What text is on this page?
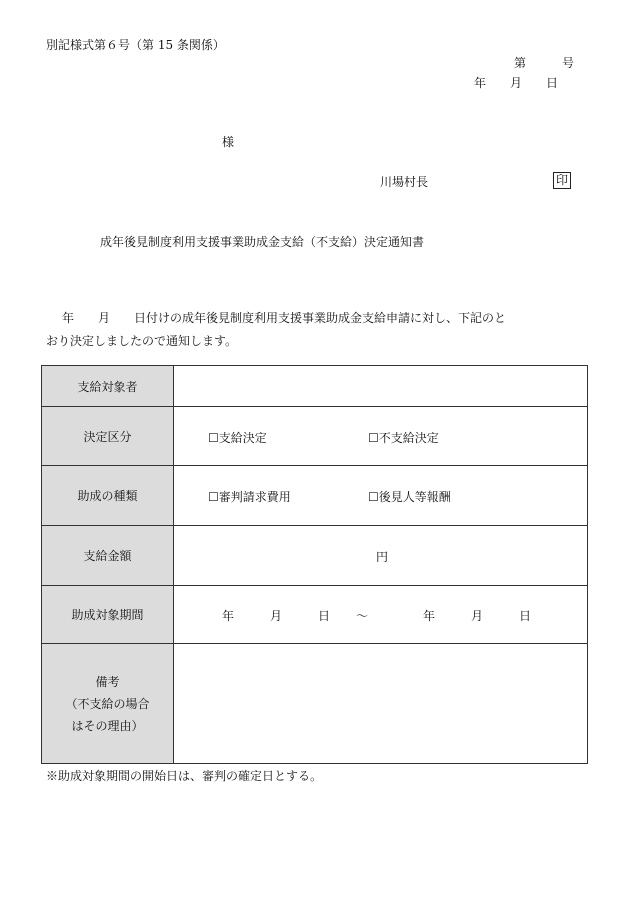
別記様式第６号（第 15 条関係）
第　　　号
年　　月　　日
様
川場村長	印
成年後見制度利用支援事業助成金支給（不支給）決定通知書
年　　月　　日付けの成年後見制度利用支援事業助成金支給申請に対し、下記のと
おり決定しましたので通知します。
支給対象者	
決定区分	☐支給決定 ☐不支給決定

助成の種類	☐審判請求費用 ☐後見人等報酬

支給金額	円

助成対象期間	年　　　月　　　日 ～ 年　　　月　　　日

備考
（不支給の場合
はその理由）	

※助成対象期間の開始日は、審判の確定日とする。
